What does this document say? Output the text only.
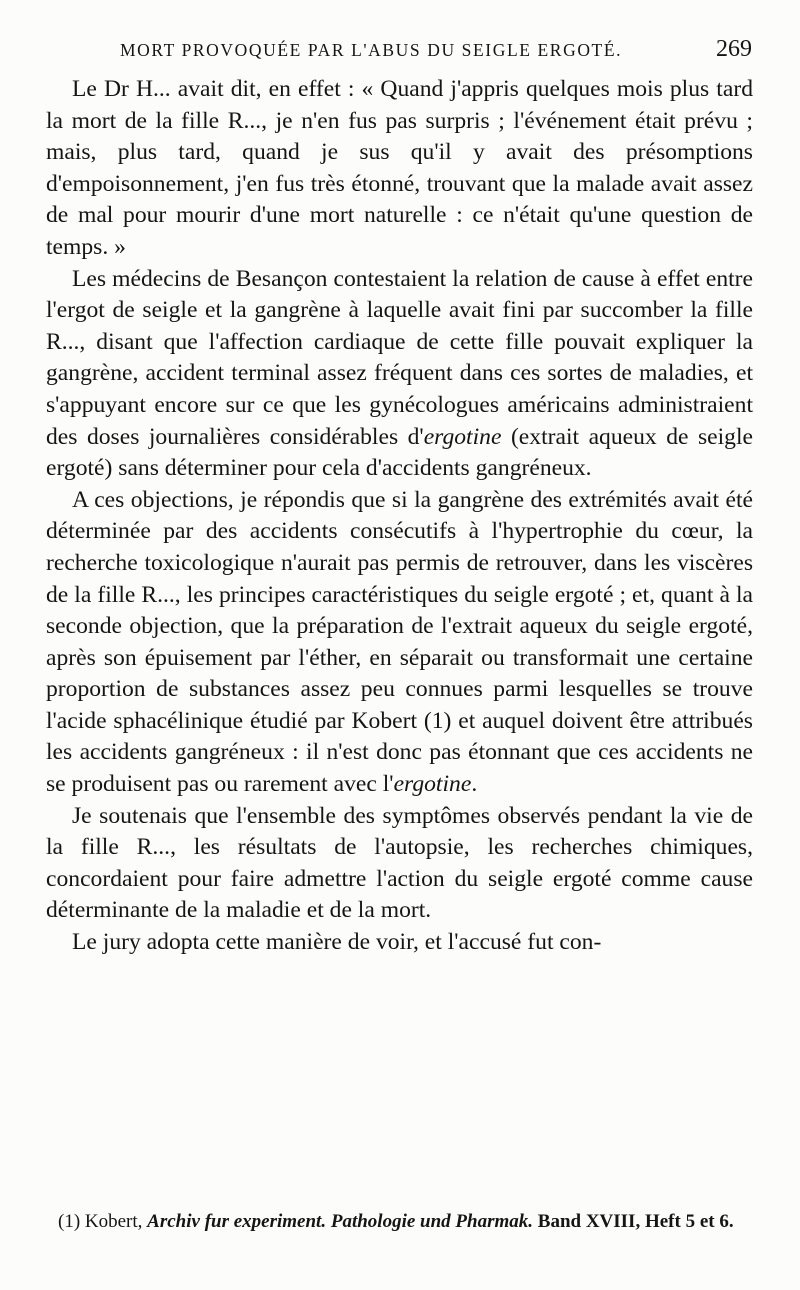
MORT PROVOQUÉE PAR L'ABUS DU SEIGLE ERGOTÉ.	269

Le Dr H... avait dit, en effet : « Quand j'appris quelques mois plus tard la mort de la fille R..., je n'en fus pas surpris ; l'événement était prévu ; mais, plus tard, quand je sus qu'il y avait des présomptions d'empoisonnement, j'en fus très étonné, trouvant que la malade avait assez de mal pour mourir d'une mort naturelle : ce n'était qu'une question de temps. »

Les médecins de Besançon contestaient la relation de cause à effet entre l'ergot de seigle et la gangrène à laquelle avait fini par succomber la fille R..., disant que l'affection cardiaque de cette fille pouvait expliquer la gangrène, accident terminal assez fréquent dans ces sortes de maladies, et s'appuyant encore sur ce que les gynécologues américains administraient des doses journalières considérables d'ergotine (extrait aqueux de seigle ergoté) sans déterminer pour cela d'accidents gangréneux.

A ces objections, je répondis que si la gangrène des extrémités avait été déterminée par des accidents consécutifs à l'hypertrophie du cœur, la recherche toxicologique n'aurait pas permis de retrouver, dans les viscères de la fille R..., les principes caractéristiques du seigle ergoté ; et, quant à la seconde objection, que la préparation de l'extrait aqueux du seigle ergoté, après son épuisement par l'éther, en séparait ou transformait une certaine proportion de substances assez peu connues parmi lesquelles se trouve l'acide sphacélinique étudié par Kobert (1) et auquel doivent être attribués les accidents gangréneux : il n'est donc pas étonnant que ces accidents ne se produisent pas ou rarement avec l'ergotine.

Je soutenais que l'ensemble des symptômes observés pendant la vie de la fille R..., les résultats de l'autopsie, les recherches chimiques, concordaient pour faire admettre l'action du seigle ergoté comme cause déterminante de la maladie et de la mort.

Le jury adopta cette manière de voir, et l'accusé fut con-

(1) Kobert, Archiv fur experiment. Pathologie und Pharmak. Band XVIII, Heft 5 et 6.
